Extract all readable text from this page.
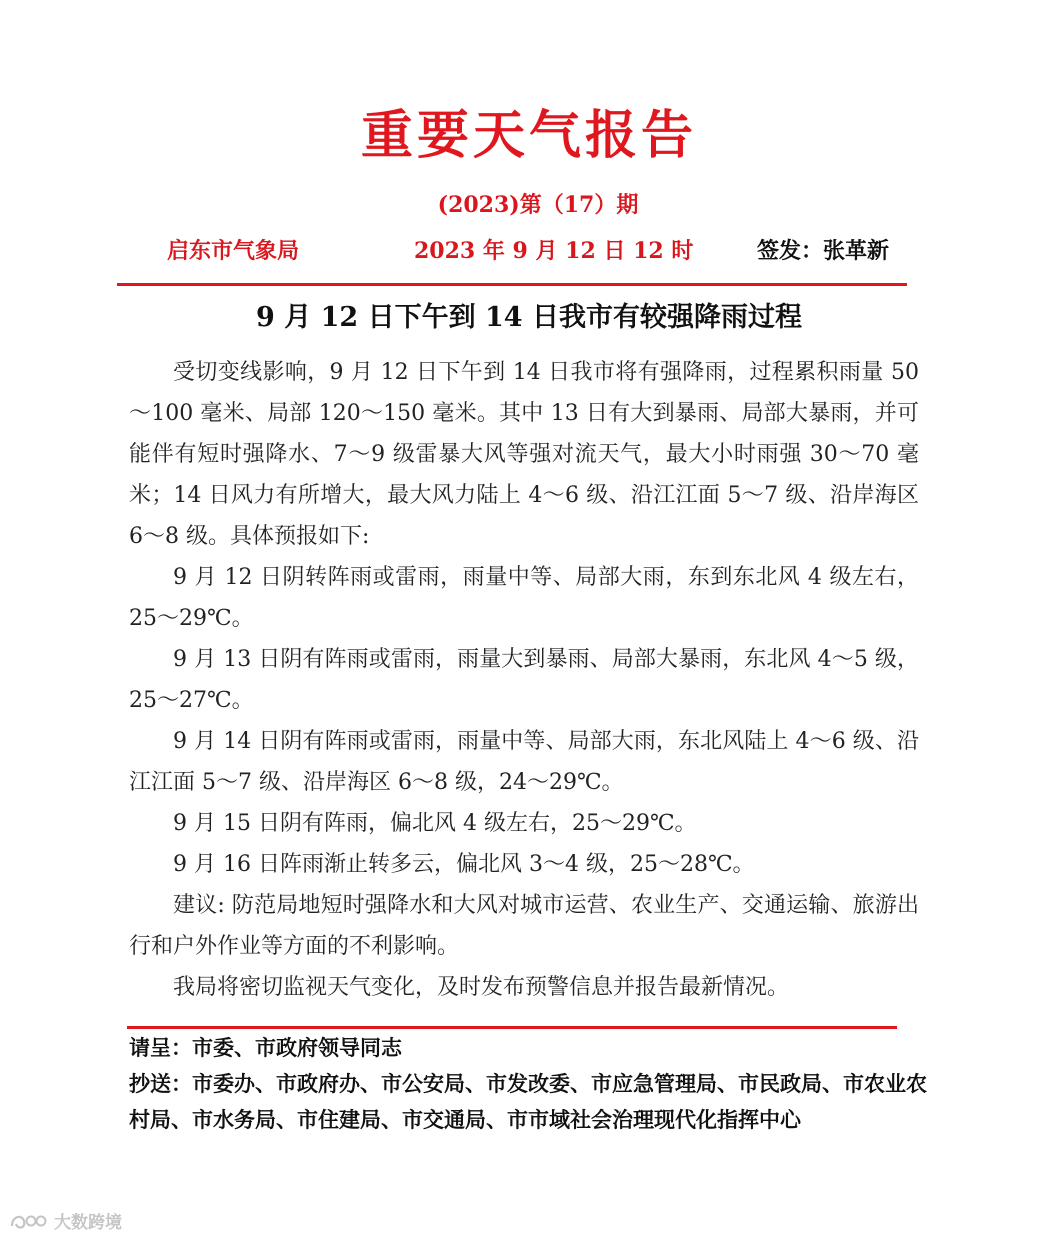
重要天气报告
(2023)第（17）期
启东市气象局	2023 年 9 月 12 日 12 时	签发：张革新
9 月 12 日下午到 14 日我市有较强降雨过程

受切变线影响，9 月 12 日下午到 14 日我市将有强降雨，过程累积雨量 50～100 毫米、局部 120～150 毫米。其中 13 日有大到暴雨、局部大暴雨，并可能伴有短时强降水、7～9 级雷暴大风等强对流天气，最大小时雨强 30～70 毫米；14 日风力有所增大，最大风力陆上 4～6 级、沿江江面 5～7 级、沿岸海区 6～8 级。具体预报如下:

9 月 12 日阴转阵雨或雷雨，雨量中等、局部大雨，东到东北风 4 级左右，25～29℃。

9 月 13 日阴有阵雨或雷雨，雨量大到暴雨、局部大暴雨，东北风 4～5 级，25～27℃。

9 月 14 日阴有阵雨或雷雨，雨量中等、局部大雨，东北风陆上 4～6 级、沿江江面 5～7 级、沿岸海区 6～8 级，24～29℃。

9 月 15 日阴有阵雨，偏北风 4 级左右，25～29℃。

9 月 16 日阵雨渐止转多云，偏北风 3～4 级，25～28℃。

建议: 防范局地短时强降水和大风对城市运营、农业生产、交通运输、旅游出行和户外作业等方面的不利影响。

我局将密切监视天气变化，及时发布预警信息并报告最新情况。

请呈：市委、市政府领导同志

抄送：市委办、市政府办、市公安局、市发改委、市应急管理局、市民政局、市农业农村局、市水务局、市住建局、市交通局、市市域社会治理现代化指挥中心

大数跨境
